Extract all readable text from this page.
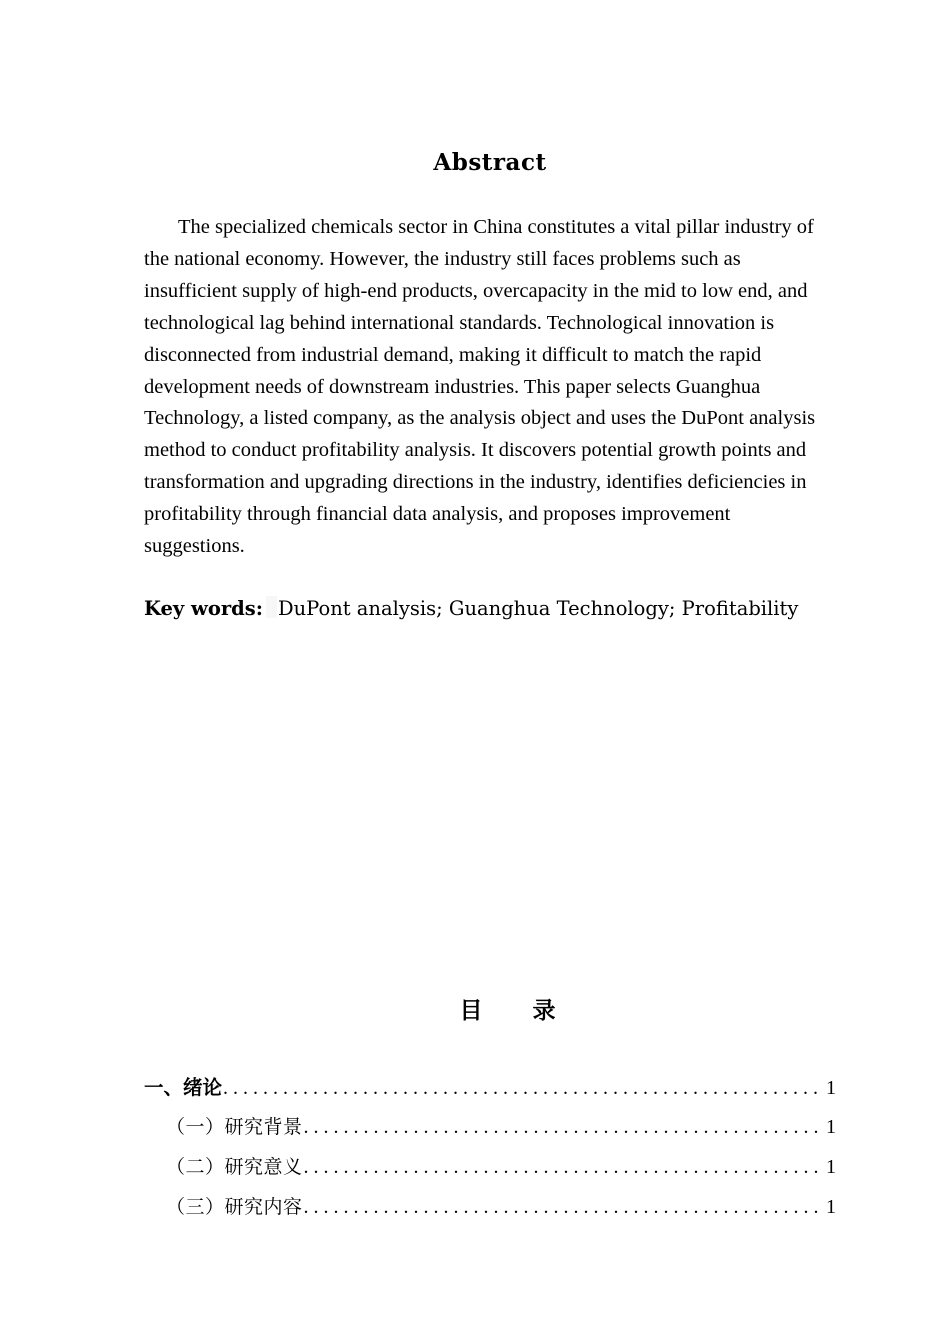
Abstract

The specialized chemicals sector in China constitutes a vital pillar industry of the national economy. However, the industry still faces problems such as insufficient supply of high-end products, overcapacity in the mid to low end, and technological lag behind international standards. Technological innovation is disconnected from industrial demand, making it difficult to match the rapid development needs of downstream industries. This paper selects Guanghua Technology, a listed company, as the analysis object and uses the DuPont analysis method to conduct profitability analysis. It discovers potential growth points and transformation and upgrading directions in the industry, identifies deficiencies in profitability through financial data analysis, and proposes improvement suggestions.

Key words: DuPont analysis; Guanghua Technology; Profitability
目 录
一、绪论 . . .	1
（一）研究背景 . . .	1
（二）研究意义 . . .	1
（三）研究内容 . . .	1
